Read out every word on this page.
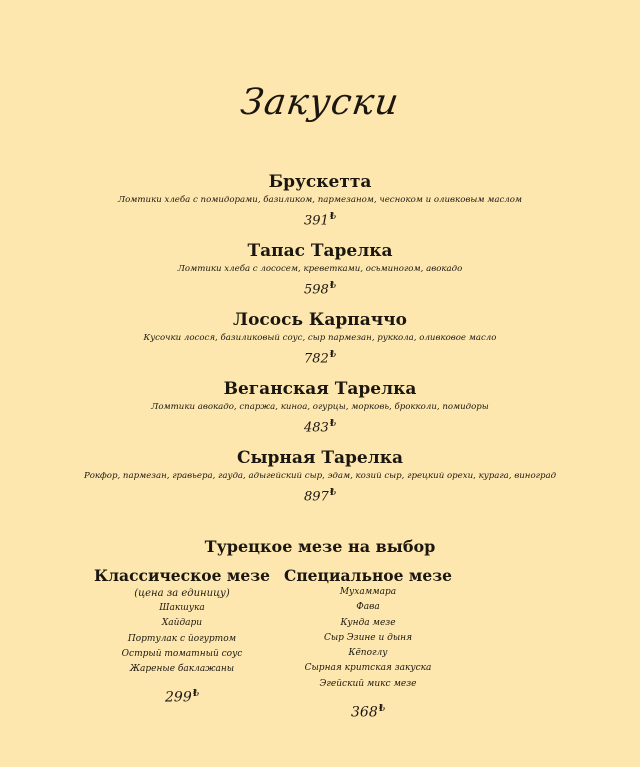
Закуски
Брускетта
Ломтики хлеба с помидорами, базиликом, пармезаном, чесноком и оливковым маслом
391₺
Тапас Тарелка
Ломтики хлеба с лососем, креветками, осьминогом, авокадо
598₺
Лосось Карпаччо
Кусочки лосося, базиликовый соус, сыр пармезан, руккола, оливковое масло
782₺
Веганская Тарелка
Ломтики авокадо, спаржа, киноа, огурцы, морковь, брокколи, помидоры
483₺
Сырная Тарелка
Рокфор, пармезан, гравьера, гауда, адыгейский сыр, эдам, козий сыр, грецкий орехи, курага, виноград
897₺
Турецкое мезе на выбор
Классическое мезе
(цена за единицу)
Шакшука
Хайдари
Портулак с йогуртом
Острый томатный соус
Жареные баклажаны
299₺
Специальное мезе
Мухаммара
Фава
Кунда мезе
Сыр Эзине и дыня
Кёпоглу
Сырная критская закуска
Эгейский микс мезе
368₺
